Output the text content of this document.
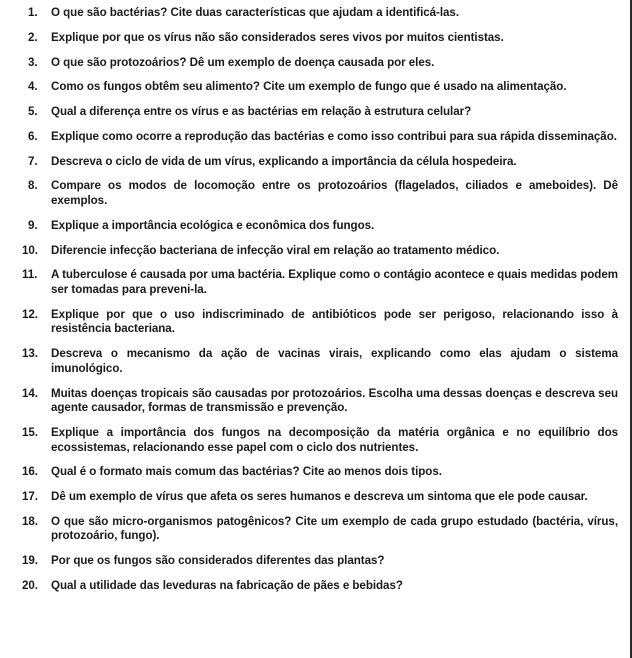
1. O que são bactérias? Cite duas características que ajudam a identificá-las.
2. Explique por que os vírus não são considerados seres vivos por muitos cientistas.
3. O que são protozoários? Dê um exemplo de doença causada por eles.
4. Como os fungos obtêm seu alimento? Cite um exemplo de fungo que é usado na alimentação.
5. Qual a diferença entre os vírus e as bactérias em relação à estrutura celular?
6. Explique como ocorre a reprodução das bactérias e como isso contribui para sua rápida disseminação.
7. Descreva o ciclo de vida de um vírus, explicando a importância da célula hospedeira.
8. Compare os modos de locomoção entre os protozoários (flagelados, ciliados e ameboides). Dê exemplos.
9. Explique a importância ecológica e econômica dos fungos.
10. Diferencie infecção bacteriana de infecção viral em relação ao tratamento médico.
11. A tuberculose é causada por uma bactéria. Explique como o contágio acontece e quais medidas podem ser tomadas para preveni-la.
12. Explique por que o uso indiscriminado de antibióticos pode ser perigoso, relacionando isso à resistência bacteriana.
13. Descreva o mecanismo da ação de vacinas virais, explicando como elas ajudam o sistema imunológico.
14. Muitas doenças tropicais são causadas por protozoários. Escolha uma dessas doenças e descreva seu agente causador, formas de transmissão e prevenção.
15. Explique a importância dos fungos na decomposição da matéria orgânica e no equilíbrio dos ecossistemas, relacionando esse papel com o ciclo dos nutrientes.
16. Qual é o formato mais comum das bactérias? Cite ao menos dois tipos.
17. Dê um exemplo de vírus que afeta os seres humanos e descreva um sintoma que ele pode causar.
18. O que são micro-organismos patogênicos? Cite um exemplo de cada grupo estudado (bactéria, vírus, protozoário, fungo).
19. Por que os fungos são considerados diferentes das plantas?
20. Qual a utilidade das leveduras na fabricação de pães e bebidas?
